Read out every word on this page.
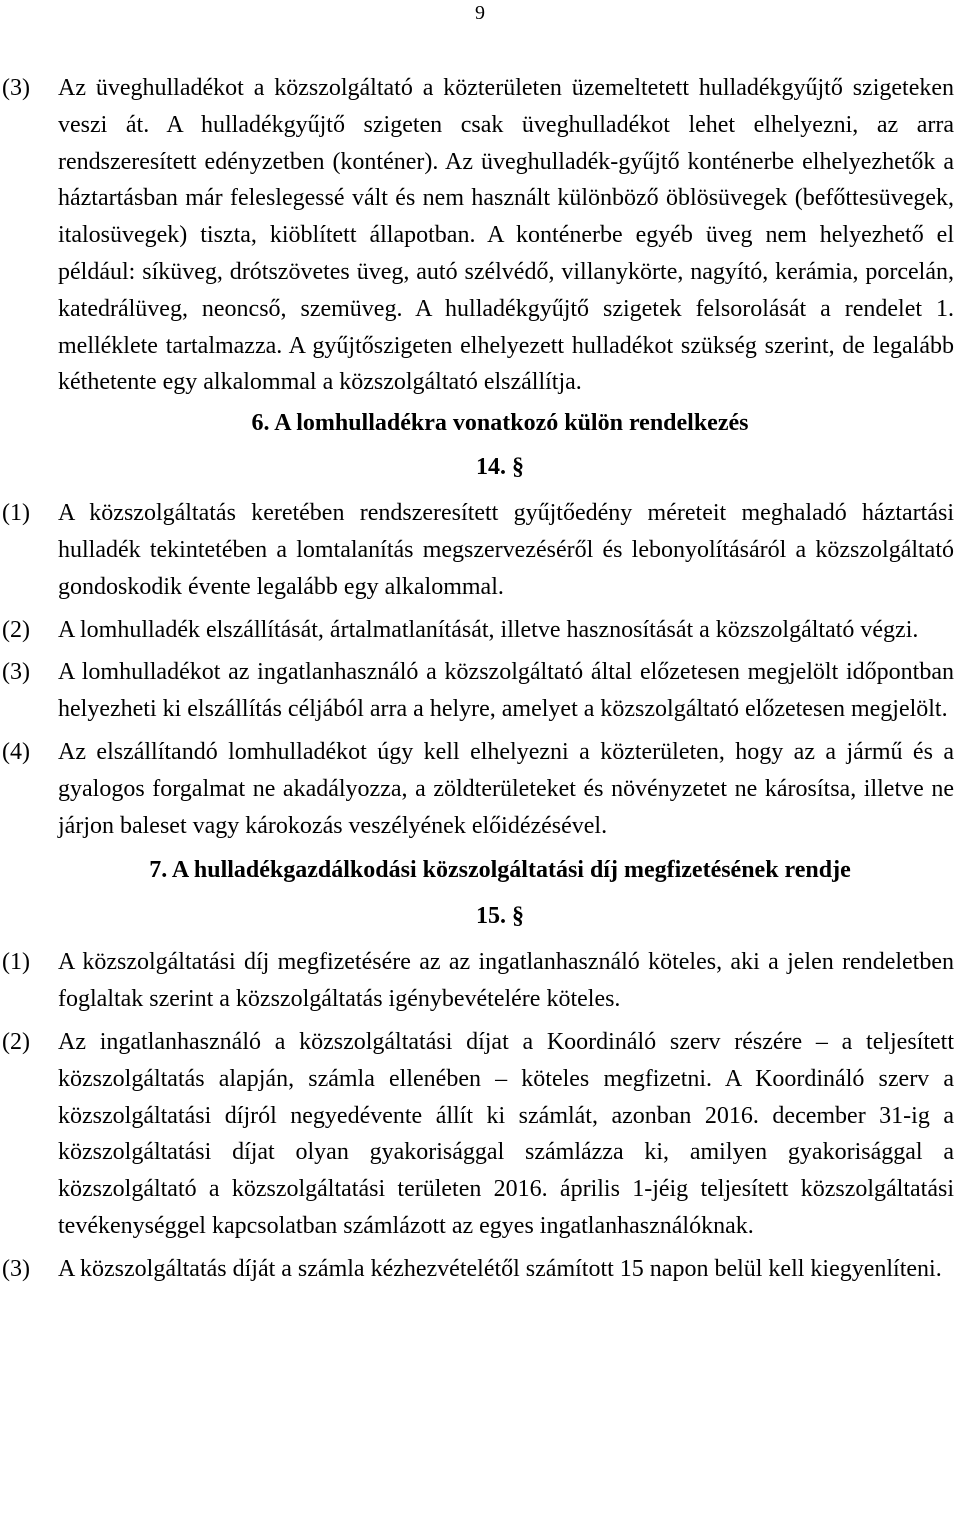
9
(3) Az üveghulladékot a közszolgáltató a közterületen üzemeltetett hulladékgyűjtő szigeteken veszi át. A hulladékgyűjtő szigeten csak üveghulladékot lehet elhelyezni, az arra rendszeresített edényzetben (konténer). Az üveghulladék-gyűjtő konténerbe elhelyezhetők a háztartásban már feleslegessé vált és nem használt különböző öblösüvegek (befőttesüvegek, italosüvegek) tiszta, kiöblített állapotban. A konténerbe egyéb üveg nem helyezhető el például: síküveg, drótszövetes üveg, autó szélvédő, villanykörte, nagyító, kerámia, porcelán, katedrálüveg, neoncső, szemüveg. A hulladékgyűjtő szigetek felsorolását a rendelet 1. melléklete tartalmazza. A gyűjtőszigeten elhelyezett hulladékot szükség szerint, de legalább kéthetente egy alkalommal a közszolgáltató elszállítja.
6. A lomhulladékra vonatkozó külön rendelkezés
14. §
(1) A közszolgáltatás keretében rendszeresített gyűjtőedény méreteit meghaladó háztartási hulladék tekintetében a lomtalanítás megszervezéséről és lebonyolításáról a közszolgáltató gondoskodik évente legalább egy alkalommal.
(2) A lomhulladék elszállítását, ártalmatlanítását, illetve hasznosítását a közszolgáltató végzi.
(3) A lomhulladékot az ingatlanhasználó a közszolgáltató által előzetesen megjelölt időpontban helyezheti ki elszállítás céljából arra a helyre, amelyet a közszolgáltató előzetesen megjelölt.
(4) Az elszállítandó lomhulladékot úgy kell elhelyezni a közterületen, hogy az a jármű és a gyalogos forgalmat ne akadályozza, a zöldterületeket és növényzetet ne károsítsa, illetve ne járjon baleset vagy károkozás veszélyének előidézésével.
7. A hulladékgazdálkodási közszolgáltatási díj megfizetésének rendje
15. §
(1) A közszolgáltatási díj megfizetésére az az ingatlanhasználó köteles, aki a jelen rendeletben foglaltak szerint a közszolgáltatás igénybevételére köteles.
(2) Az ingatlanhasználó a közszolgáltatási díjat a Koordináló szerv részére – a teljesített közszolgáltatás alapján, számla ellenében – köteles megfizetni. A Koordináló szerv a közszolgáltatási díjról negyedévente állít ki számlát, azonban 2016. december 31-ig a közszolgáltatási díjat olyan gyakorisággal számlázza ki, amilyen gyakorisággal a közszolgáltató a közszolgáltatási területen 2016. április 1-jéig teljesített közszolgáltatási tevékenységgel kapcsolatban számlázott az egyes ingatlanhasználóknak.
(3) A közszolgáltatás díját a számla kézhezvételétől számított 15 napon belül kell kiegyenlíteni.
